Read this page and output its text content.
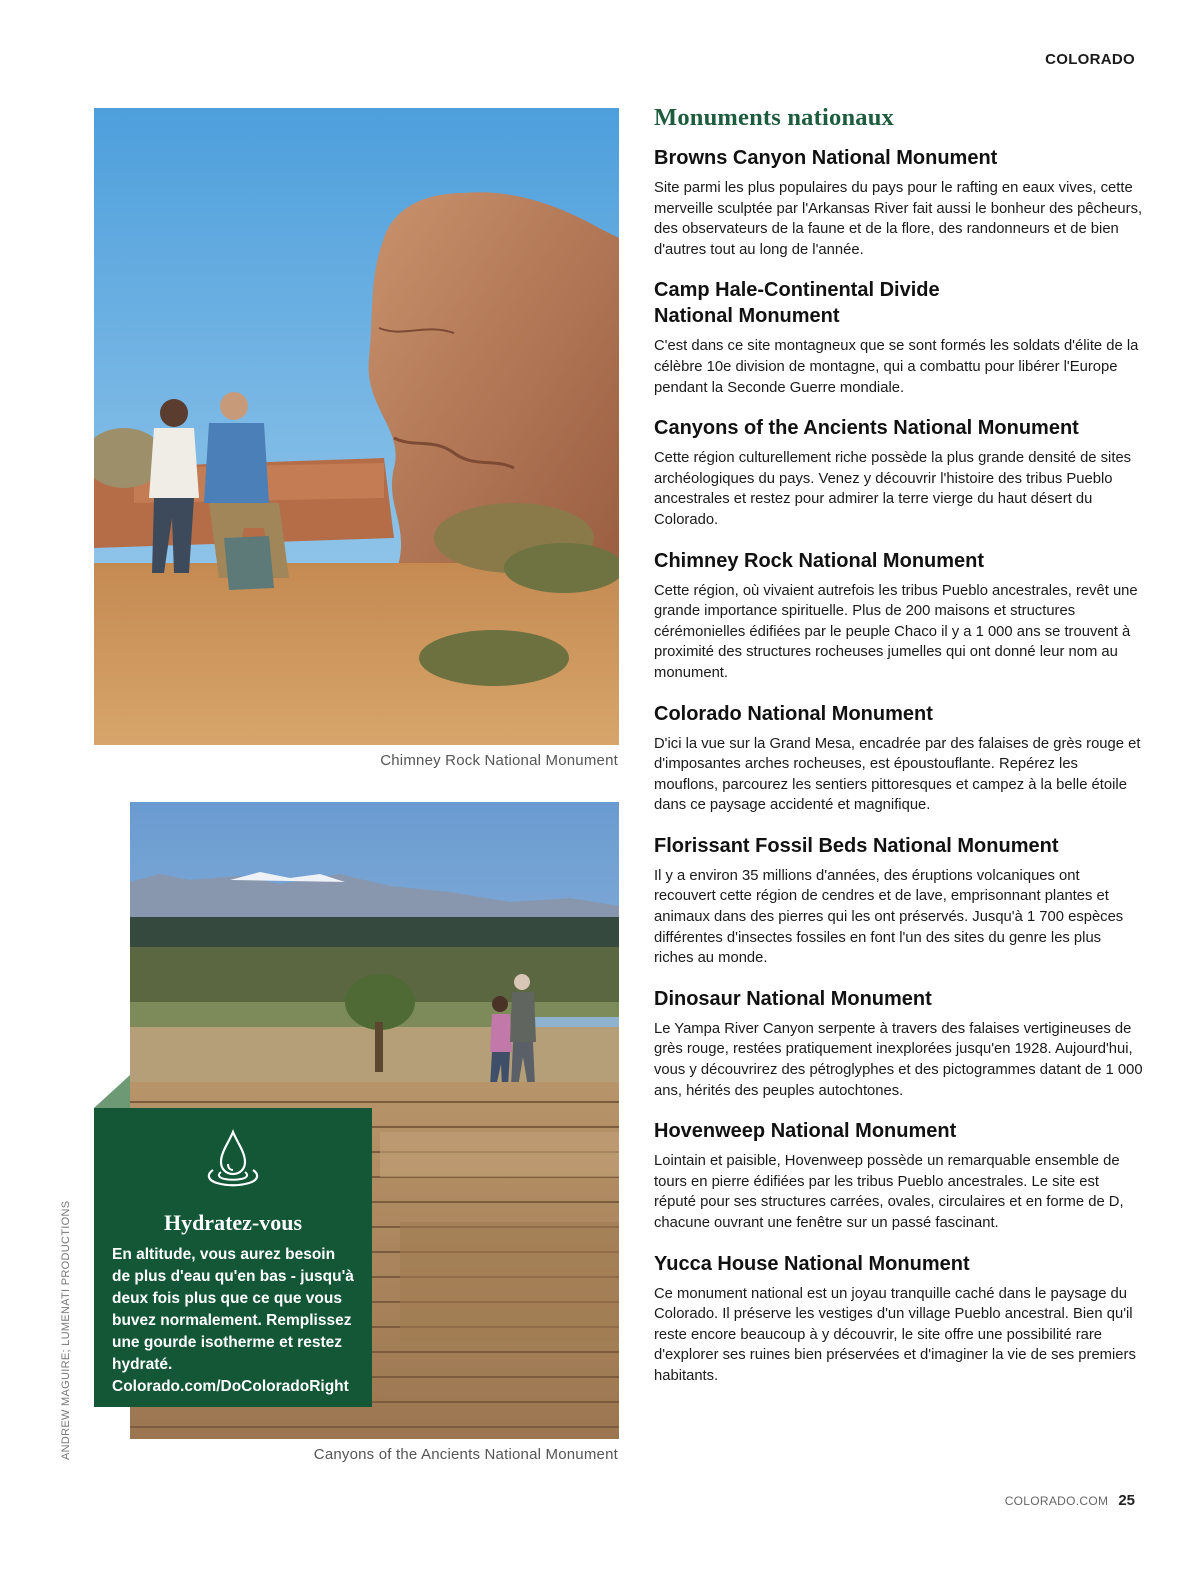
COLORADO
Chimney Rock National Monument
Canyons of the Ancients National Monument
ANDREW MAGUIRE; LUMENATI PRODUCTIONS	Hydratez-vous
En altitude, vous aurez besoin de plus d'eau qu'en bas - jusqu'à deux fois plus que ce que vous buvez normalement. Remplissez une gourde isotherme et restez hydraté. Colorado.com/DoColoradoRight
Monuments nationaux
Browns Canyon National Monument

Site parmi les plus populaires du pays pour le rafting en eaux vives, cette merveille sculptée par l'Arkansas River fait aussi le bonheur des pêcheurs, des observateurs de la faune et de la flore, des randonneurs et de bien d'autres tout au long de l'année.

Camp Hale-Continental Divide National Monument

C'est dans ce site montagneux que se sont formés les soldats d'élite de la célèbre 10e division de montagne, qui a combattu pour libérer l'Europe pendant la Seconde Guerre mondiale.

Canyons of the Ancients National Monument

Cette région culturellement riche possède la plus grande densité de sites archéologiques du pays. Venez y découvrir l'histoire des tribus Pueblo ancestrales et restez pour admirer la terre vierge du haut désert du Colorado.

Chimney Rock National Monument

Cette région, où vivaient autrefois les tribus Pueblo ancestrales, revêt une grande importance spirituelle. Plus de 200 maisons et structures cérémonielles édifiées par le peuple Chaco il y a 1 000 ans se trouvent à proximité des structures rocheuses jumelles qui ont donné leur nom au monument.

Colorado National Monument

D'ici la vue sur la Grand Mesa, encadrée par des falaises de grès rouge et d'imposantes arches rocheuses, est époustouflante. Repérez les mouflons, parcourez les sentiers pittoresques et campez à la belle étoile dans ce paysage accidenté et magnifique.

Florissant Fossil Beds National Monument

Il y a environ 35 millions d'années, des éruptions volcaniques ont recouvert cette région de cendres et de lave, emprisonnant plantes et animaux dans des pierres qui les ont préservés. Jusqu'à 1 700 espèces différentes d'insectes fossiles en font l'un des sites du genre les plus riches au monde.

Dinosaur National Monument

Le Yampa River Canyon serpente à travers des falaises vertigineuses de grès rouge, restées pratiquement inexplorées jusqu'en 1928. Aujourd'hui, vous y découvrirez des pétroglyphes et des pictogrammes datant de 1 000 ans, hérités des peuples autochtones.

Hovenweep National Monument

Lointain et paisible, Hovenweep possède un remarquable ensemble de tours en pierre édifiées par les tribus Pueblo ancestrales. Le site est réputé pour ses structures carrées, ovales, circulaires et en forme de D, chacune ouvrant une fenêtre sur un passé fascinant.

Yucca House National Monument

Ce monument national est un joyau tranquille caché dans le paysage du Colorado. Il préserve les vestiges d'un village Pueblo ancestral. Bien qu'il reste encore beaucoup à y découvrir, le site offre une possibilité rare d'explorer ses ruines bien préservées et d'imaginer la vie de ses premiers habitants.

COLORADO.COM 25
